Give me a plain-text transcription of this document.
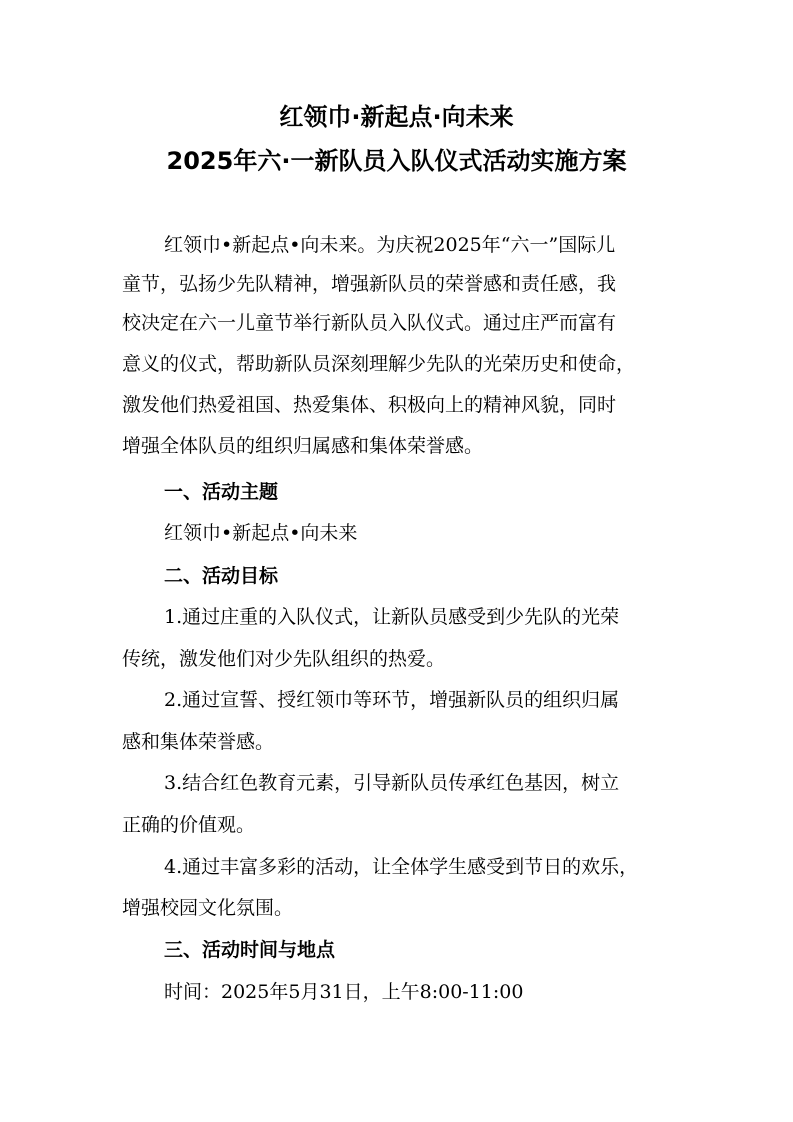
红领巾·新起点·向未来
2025年六·一新队员入队仪式活动实施方案
红领巾•新起点•向未来。为庆祝2025年“六一”国际儿
童节，弘扬少先队精神，增强新队员的荣誉感和责任感，我
校决定在六一儿童节举行新队员入队仪式。通过庄严而富有
意义的仪式，帮助新队员深刻理解少先队的光荣历史和使命，
激发他们热爱祖国、热爱集体、积极向上的精神风貌，同时
增强全体队员的组织归属感和集体荣誉感。
一、活动主题
红领巾•新起点•向未来
二、活动目标
1.通过庄重的入队仪式，让新队员感受到少先队的光荣
传统，激发他们对少先队组织的热爱。
2.通过宣誓、授红领巾等环节，增强新队员的组织归属
感和集体荣誉感。
3.结合红色教育元素，引导新队员传承红色基因，树立
正确的价值观。
4.通过丰富多彩的活动，让全体学生感受到节日的欢乐，
增强校园文化氛围。
三、活动时间与地点
时间：2025年5月31日，上午8:00-11:00
